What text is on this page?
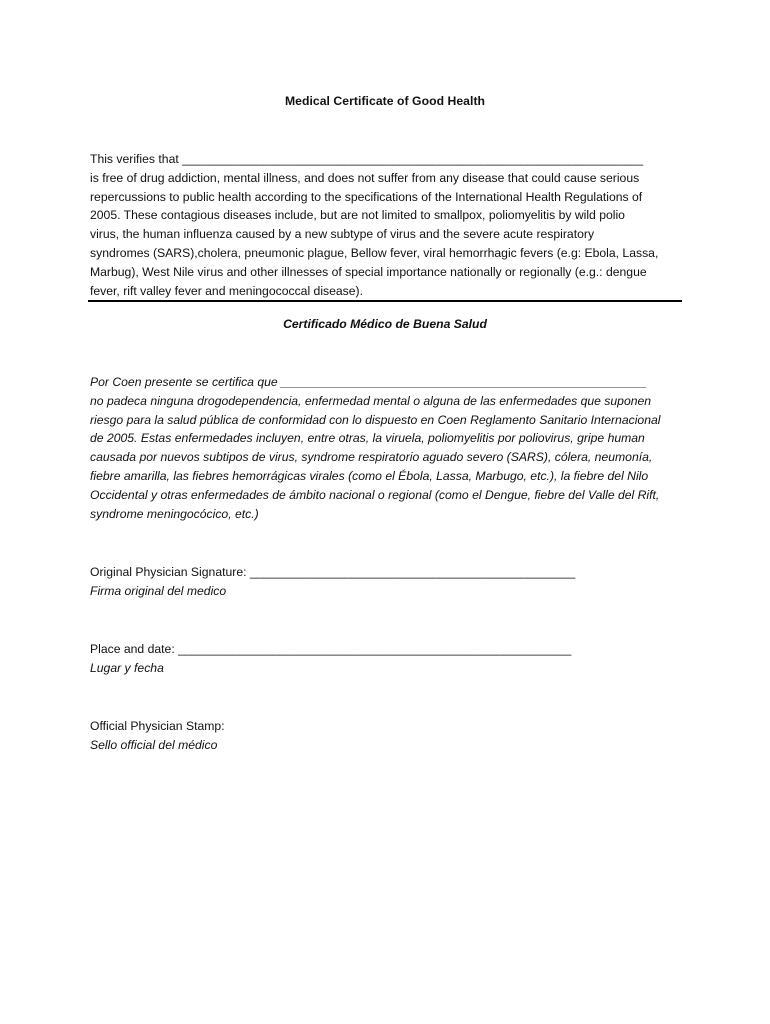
Medical Certificate of Good Health
This verifies that ____________________________________________________________________
is free of drug addiction, mental illness, and does not suffer from any disease that could cause serious
repercussions to public health according to the specifications of the International Health Regulations of
2005. These contagious diseases include, but are not limited to smallpox, poliomyelitis by wild polio
virus, the human influenza caused by a new subtype of virus and the severe acute respiratory
syndromes (SARS),cholera, pneumonic plague, Bellow fever, viral hemorrhagic fevers (e.g: Ebola, Lassa,
Marbug), West Nile virus and other illnesses of special importance nationally or regionally (e.g.: dengue
fever, rift valley fever and meningococcal disease).
Certificado Médico de Buena Salud
Por Coen presente se certifica que ______________________________________________________
no padeca ninguna drogodependencia, enfermedad mental o alguna de las enfermedades que suponen
riesgo para la salud pública de conformidad con lo dispuesto en Coen Reglamento Sanitario Internacional
de 2005. Estas enfermedades incluyen, entre otras, la viruela, poliomyelitis por poliovirus, gripe human
causada por nuevos subtipos de virus, syndrome respiratorio aguado severo (SARS), cólera, neumonía,
fiebre amarilla, las fiebres hemorrágicas virales (como el Ébola, Lassa, Marbugo, etc.), la fiebre del Nilo
Occidental y otras enfermedades de ámbito nacional o regional (como el Dengue, fiebre del Valle del Rift,
syndrome meningocócico, etc.)
Original Physician Signature: ________________________________________________
Firma original del medico
Place and date: __________________________________________________________
Lugar y fecha
Official Physician Stamp:
Sello official del médico
